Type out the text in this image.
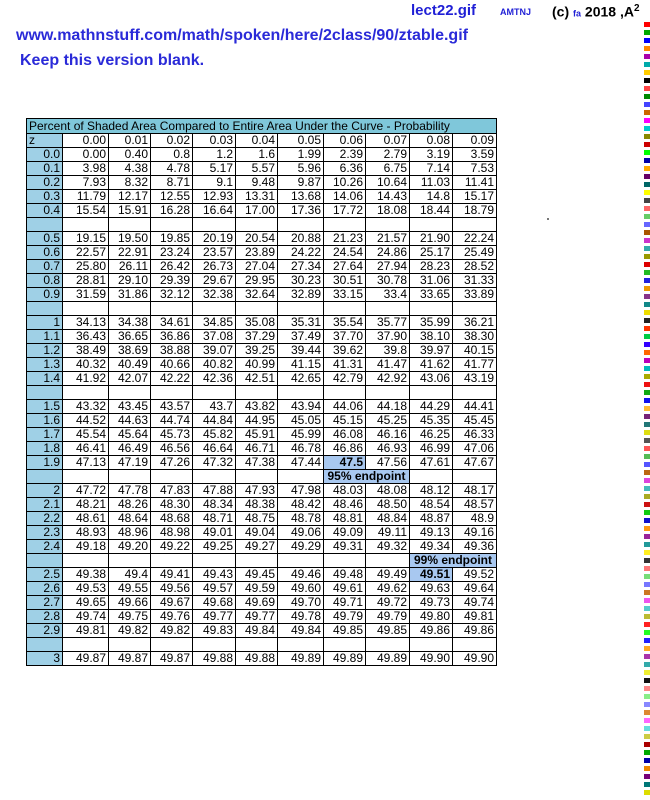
lect22.gif	AMTNJ (c) fa 2018 $,A^2$
www.mathnstuff.com/math/spoken/here/2class/90/ztable.gif
Keep this version blank.
Percent of Shaded Area Compared to Entire Area Under the Curve - Probability										
z	0.00	0.01	0.02	0.03	0.04	0.05	0.06	0.07	0.08	0.09
0.0	0.00	0.40	0.8	1.2	1.6	1.99	2.39	2.79	3.19	3.59
0.1	3.98	4.38	4.78	5.17	5.57	5.96	6.36	6.75	7.14	7.53
0.2	7.93	8.32	8.71	9.1	9.48	9.87	10.26	10.64	11.03	11.41
0.3	11.79	12.17	12.55	12.93	13.31	13.68	14.06	14.43	14.8	15.17
0.4	15.54	15.91	16.28	16.64	17.00	17.36	17.72	18.08	18.44	18.79

0.5	19.15	19.50	19.85	20.19	20.54	20.88	21.23	21.57	21.90	22.24
0.6	22.57	22.91	23.24	23.57	23.89	24.22	24.54	24.86	25.17	25.49
0.7	25.80	26.11	26.42	26.73	27.04	27.34	27.64	27.94	28.23	28.52
0.8	28.81	29.10	29.39	29.67	29.95	30.23	30.51	30.78	31.06	31.33
0.9	31.59	31.86	32.12	32.38	32.64	32.89	33.15	33.4	33.65	33.89

1	34.13	34.38	34.61	34.85	35.08	35.31	35.54	35.77	35.99	36.21
1.1	36.43	36.65	36.86	37.08	37.29	37.49	37.70	37.90	38.10	38.30
1.2	38.49	38.69	38.88	39.07	39.25	39.44	39.62	39.8	39.97	40.15
1.3	40.32	40.49	40.66	40.82	40.99	41.15	41.31	41.47	41.62	41.77
1.4	41.92	42.07	42.22	42.36	42.51	42.65	42.79	42.92	43.06	43.19

1.5	43.32	43.45	43.57	43.7	43.82	43.94	44.06	44.18	44.29	44.41
1.6	44.52	44.63	44.74	44.84	44.95	45.05	45.15	45.25	45.35	45.45
1.7	45.54	45.64	45.73	45.82	45.91	45.99	46.08	46.16	46.25	46.33
1.8	46.41	46.49	46.56	46.64	46.71	46.78	46.86	46.93	46.99	47.06
1.9	47.13	47.19	47.26	47.32	47.38	47.44	47.5	47.56	47.61	47.67
							95% endpoint			
2	47.72	47.78	47.83	47.88	47.93	47.98	48.03	48.08	48.12	48.17
2.1	48.21	48.26	48.30	48.34	48.38	48.42	48.46	48.50	48.54	48.57
2.2	48.61	48.64	48.68	48.71	48.75	48.78	48.81	48.84	48.87	48.9
2.3	48.93	48.96	48.98	49.01	49.04	49.06	49.09	49.11	49.13	49.16
2.4	49.18	49.20	49.22	49.25	49.27	49.29	49.31	49.32	49.34	49.36
									99% endpoint	
2.5	49.38	49.4	49.41	49.43	49.45	49.46	49.48	49.49	49.51	49.52
2.6	49.53	49.55	49.56	49.57	49.59	49.60	49.61	49.62	49.63	49.64
2.7	49.65	49.66	49.67	49.68	49.69	49.70	49.71	49.72	49.73	49.74
2.8	49.74	49.75	49.76	49.77	49.77	49.78	49.79	49.79	49.80	49.81
2.9	49.81	49.82	49.82	49.83	49.84	49.84	49.85	49.85	49.86	49.86

3	49.87	49.87	49.87	49.88	49.88	49.89	49.89	49.89	49.90	49.90
